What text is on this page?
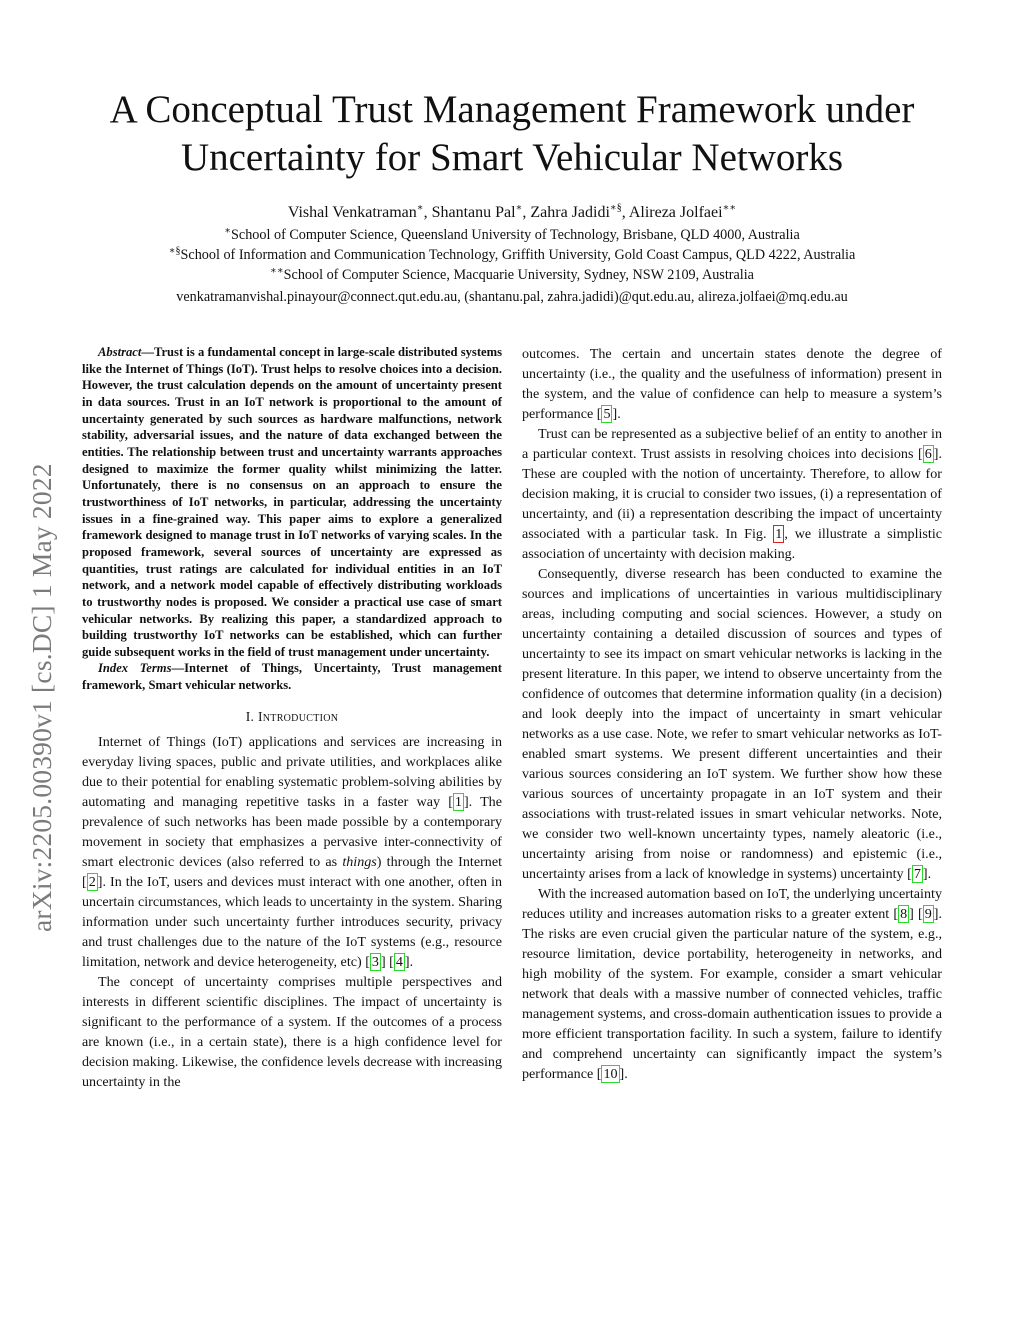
A Conceptual Trust Management Framework under
Uncertainty for Smart Vehicular Networks
Vishal Venkatraman∗, Shantanu Pal∗, Zahra Jadidi∗§, Alireza Jolfaei∗∗
∗School of Computer Science, Queensland University of Technology, Brisbane, QLD 4000, Australia
∗§School of Information and Communication Technology, Griffith University, Gold Coast Campus, QLD 4222, Australia
∗∗School of Computer Science, Macquarie University, Sydney, NSW 2109, Australia
venkatramanvishal.pinayour@connect.qut.edu.au, (shantanu.pal, zahra.jadidi)@qut.edu.au, alireza.jolfaei@mq.edu.au
arXiv:2205.00390v1 [cs.DC] 1 May 2022

Abstract—Trust is a fundamental concept in large-scale distributed systems like the Internet of Things (IoT). Trust helps to resolve choices into a decision. However, the trust calculation depends on the amount of uncertainty present in data sources. Trust in an IoT network is proportional to the amount of uncertainty generated by such sources as hardware malfunctions, network stability, adversarial issues, and the nature of data exchanged between the entities. The relationship between trust and uncertainty warrants approaches designed to maximize the former quality whilst minimizing the latter. Unfortunately, there is no consensus on an approach to ensure the trustworthiness of IoT networks, in particular, addressing the uncertainty issues in a fine-grained way. This paper aims to explore a generalized framework designed to manage trust in IoT networks of varying scales. In the proposed framework, several sources of uncertainty are expressed as quantities, trust ratings are calculated for individual entities in an IoT network, and a network model capable of effectively distributing workloads to trustworthy nodes is proposed. We consider a practical use case of smart vehicular networks. By realizing this paper, a standardized approach to building trustworthy IoT networks can be established, which can further guide subsequent works in the field of trust management under uncertainty.

Index Terms—Internet of Things, Uncertainty, Trust management framework, Smart vehicular networks.

I. Introduction

Internet of Things (IoT) applications and services are increasing in everyday living spaces, public and private utilities, and workplaces alike due to their potential for enabling systematic problem-solving abilities by automating and managing repetitive tasks in a faster way [ 1 ]. The prevalence of such networks has been made possible by a contemporary movement in society that emphasizes a pervasive inter-connectivity of smart electronic devices (also referred to as things) through the Internet [ 2 ]. In the IoT, users and devices must interact with one another, often in uncertain circumstances, which leads to uncertainty in the system. Sharing information under such uncertainty further introduces security, privacy and trust challenges due to the nature of the IoT systems (e.g., resource limitation, network and device heterogeneity, etc) [ 3 ] [ 4 ].

The concept of uncertainty comprises multiple perspectives and interests in different scientific disciplines. The impact of uncertainty is significant to the performance of a system. If the outcomes of a process are known (i.e., in a certain state), there is a high confidence level for decision making. Likewise, the confidence levels decrease with increasing uncertainty in the

outcomes. The certain and uncertain states denote the degree of uncertainty (i.e., the quality and the usefulness of information) present in the system, and the value of confidence can help to measure a system’s performance [ 5 ].

Trust can be represented as a subjective belief of an entity to another in a particular context. Trust assists in resolving choices into decisions [ 6 ]. These are coupled with the notion of uncertainty. Therefore, to allow for decision making, it is crucial to consider two issues, (i) a representation of uncertainty, and (ii) a representation describing the impact of uncertainty associated with a particular task. In Fig. 1 , we illustrate a simplistic association of uncertainty with decision making.

Consequently, diverse research has been conducted to examine the sources and implications of uncertainties in various multidisciplinary areas, including computing and social sciences. However, a study on uncertainty containing a detailed discussion of sources and types of uncertainty to see its impact on smart vehicular networks is lacking in the present literature. In this paper, we intend to observe uncertainty from the confidence of outcomes that determine information quality (in a decision) and look deeply into the impact of uncertainty in smart vehicular networks as a use case. Note, we refer to smart vehicular networks as IoT-enabled smart systems. We present different uncertainties and their various sources considering an IoT system. We further show how these various sources of uncertainty propagate in an IoT system and their associations with trust-related issues in smart vehicular networks. Note, we consider two well-known uncertainty types, namely aleatoric (i.e., uncertainty arising from noise or randomness) and epistemic (i.e., uncertainty arises from a lack of knowledge in systems) uncertainty [ 7 ].

With the increased automation based on IoT, the underlying uncertainty reduces utility and increases automation risks to a greater extent [ 8 ] [ 9 ]. The risks are even crucial given the particular nature of the system, e.g., resource limitation, device portability, heterogeneity in networks, and high mobility of the system. For example, consider a smart vehicular network that deals with a massive number of connected vehicles, traffic management systems, and cross-domain authentication issues to provide a more efficient transportation facility. In such a system, failure to identify and comprehend uncertainty can significantly impact the system’s performance [ 10 ].
